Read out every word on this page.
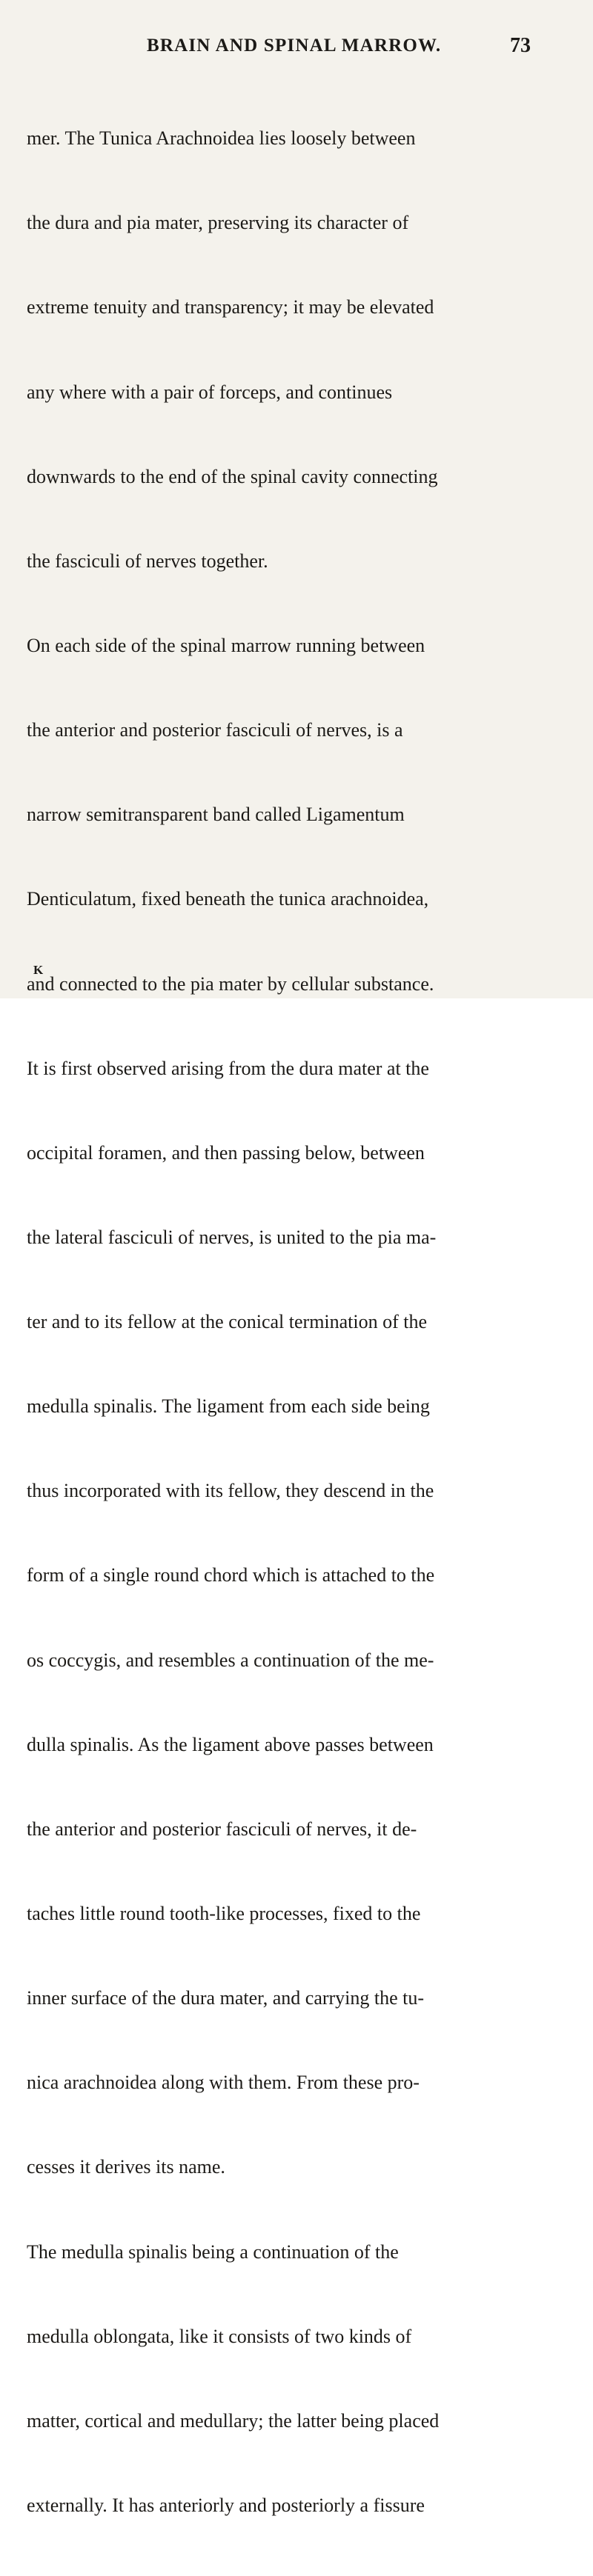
BRAIN AND SPINAL MARROW.	73

mer. The Tunica Arachnoidea lies loosely between

the dura and pia mater, preserving its character of

extreme tenuity and transparency; it may be elevated

any where with a pair of forceps, and continues

downwards to the end of the spinal cavity connecting

the fasciculi of nerves together.

On each side of the spinal marrow running between

the anterior and posterior fasciculi of nerves, is a

narrow semitransparent band called Ligamentum

Denticulatum, fixed beneath the tunica arachnoidea,

and connected to the pia mater by cellular substance.

It is first observed arising from the dura mater at the

occipital foramen, and then passing below, between

the lateral fasciculi of nerves, is united to the pia ma-

ter and to its fellow at the conical termination of the

medulla spinalis. The ligament from each side being

thus incorporated with its fellow, they descend in the

form of a single round chord which is attached to the

os coccygis, and resembles a continuation of the me-

dulla spinalis. As the ligament above passes between

the anterior and posterior fasciculi of nerves, it de-

taches little round tooth-like processes, fixed to the

inner surface of the dura mater, and carrying the tu-

nica arachnoidea along with them. From these pro-

cesses it derives its name.

The medulla spinalis being a continuation of the

medulla oblongata, like it consists of two kinds of

matter, cortical and medullary; the latter being placed

externally. It has anteriorly and posteriorly a fissure

K
